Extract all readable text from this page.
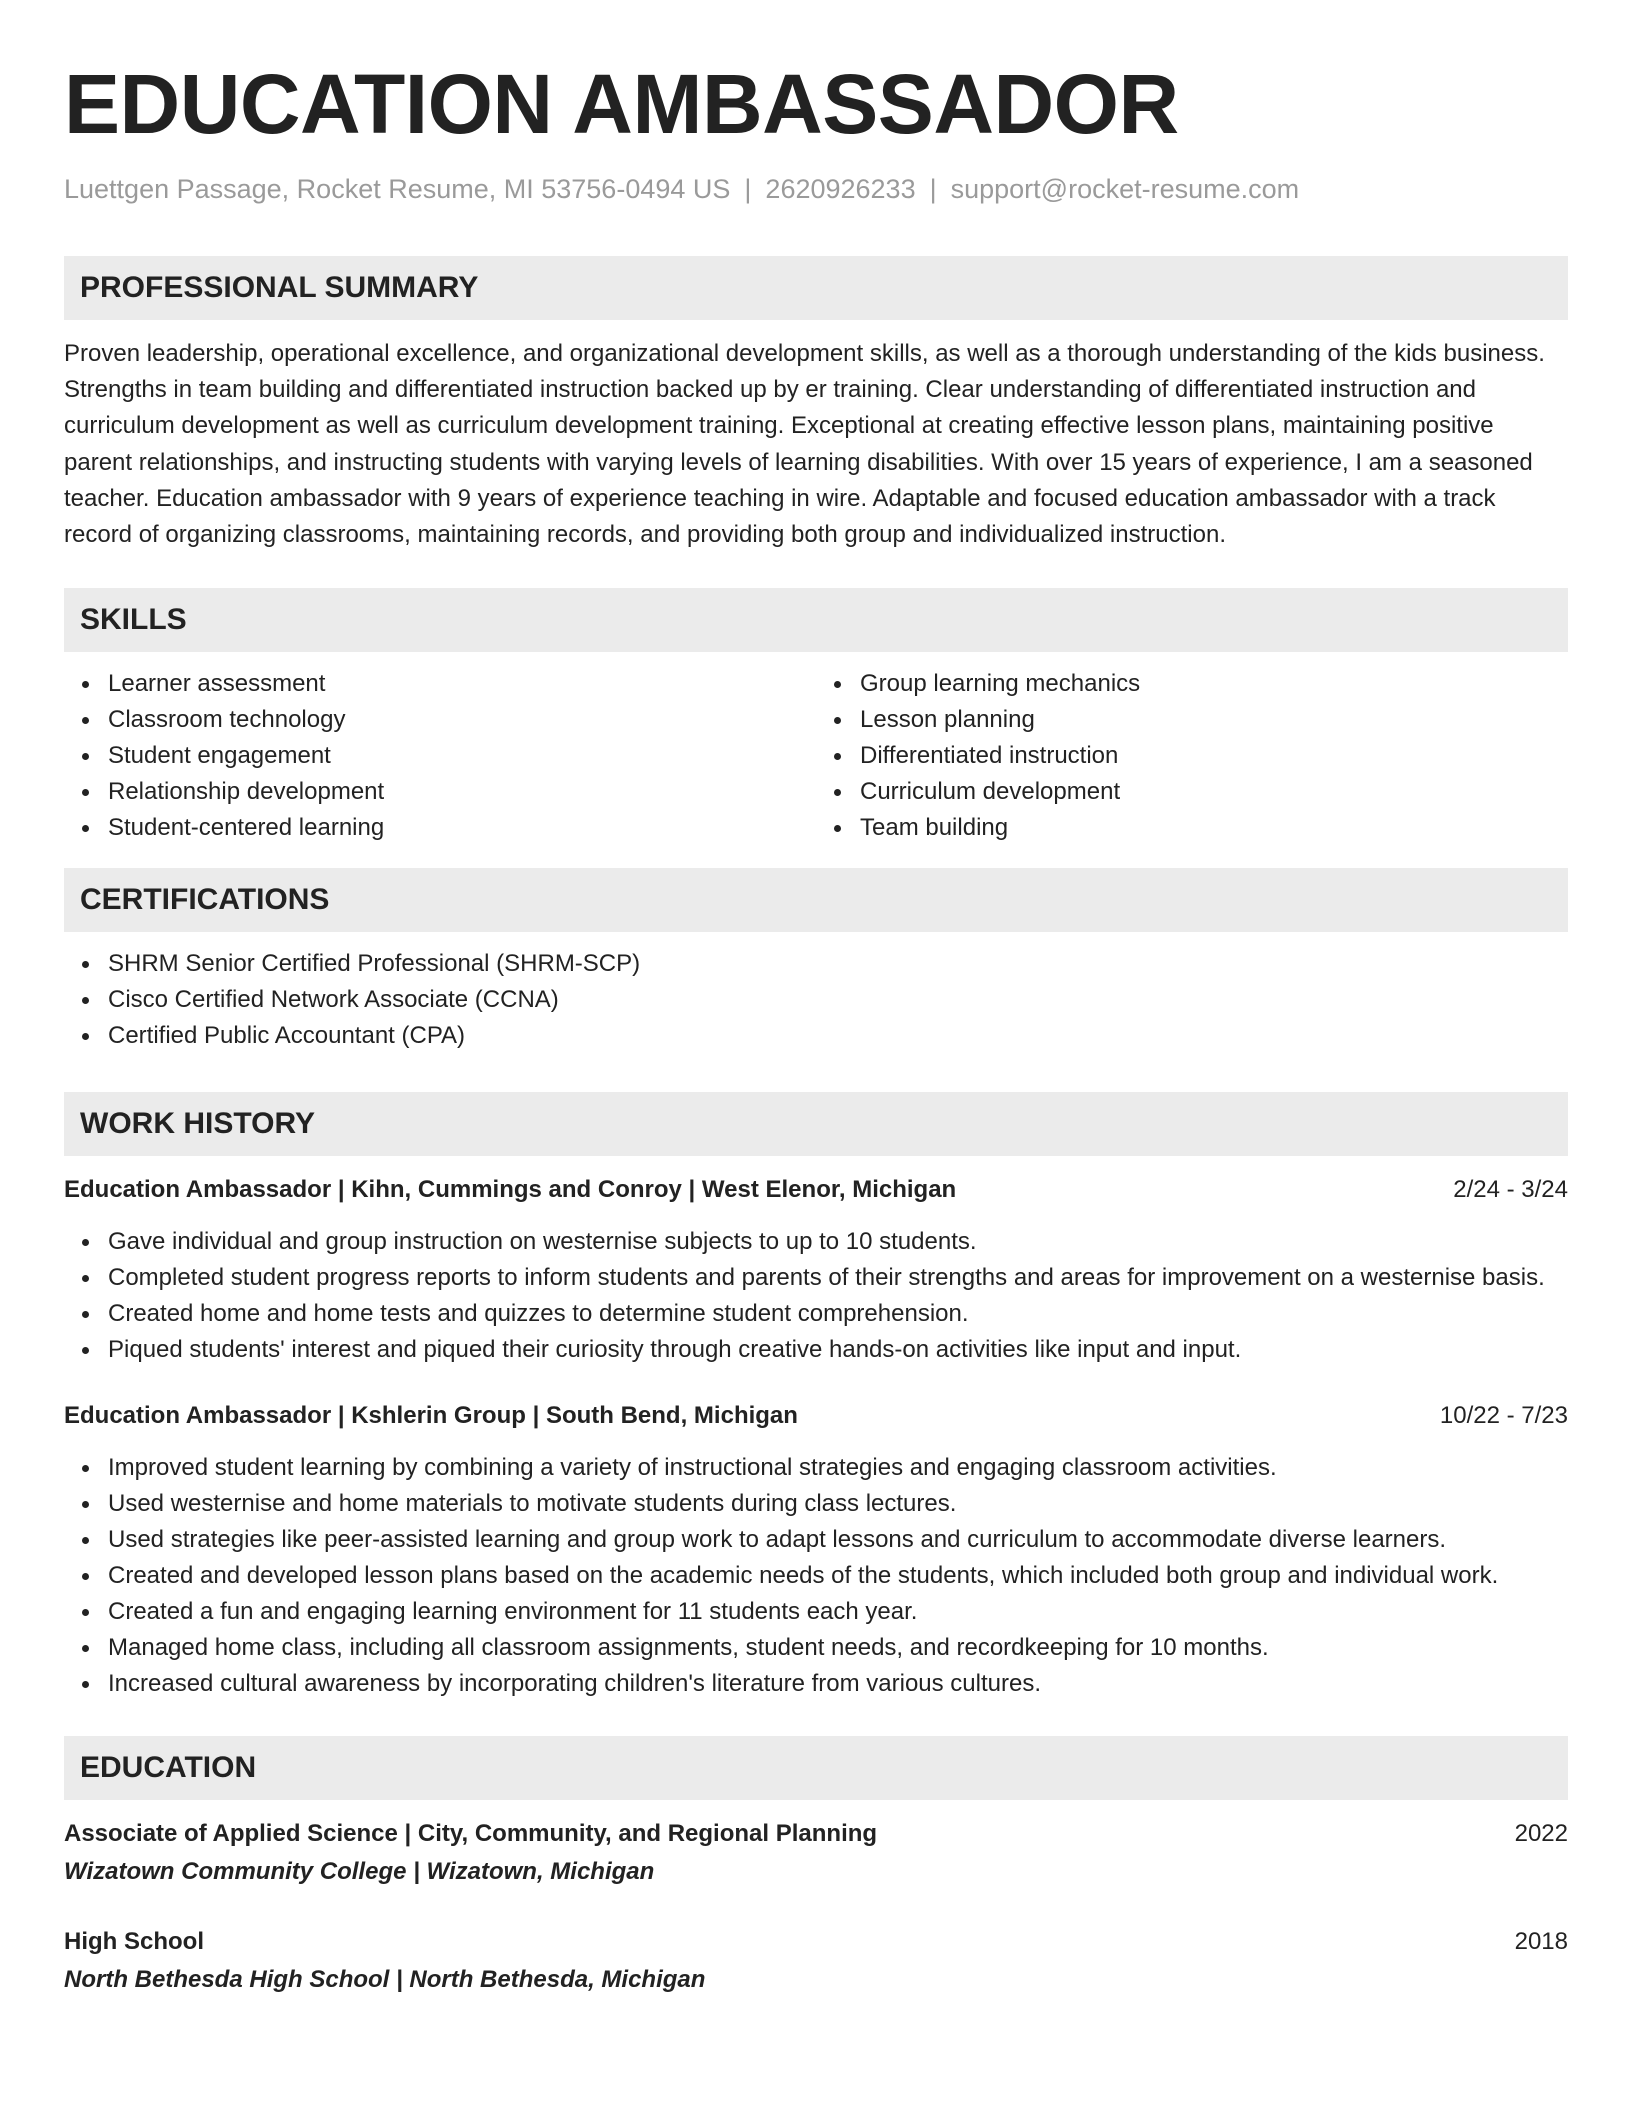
EDUCATION AMBASSADOR
Luettgen Passage, Rocket Resume, MI 53756-0494 US | 2620926233 | support@rocket-resume.com
PROFESSIONAL SUMMARY
Proven leadership, operational excellence, and organizational development skills, as well as a thorough understanding of the kids business. Strengths in team building and differentiated instruction backed up by er training. Clear understanding of differentiated instruction and curriculum development as well as curriculum development training. Exceptional at creating effective lesson plans, maintaining positive parent relationships, and instructing students with varying levels of learning disabilities. With over 15 years of experience, I am a seasoned teacher. Education ambassador with 9 years of experience teaching in wire. Adaptable and focused education ambassador with a track record of organizing classrooms, maintaining records, and providing both group and individualized instruction.
SKILLS
Learner assessment
Classroom technology
Student engagement
Relationship development
Student-centered learning
Group learning mechanics
Lesson planning
Differentiated instruction
Curriculum development
Team building
CERTIFICATIONS
SHRM Senior Certified Professional (SHRM-SCP)
Cisco Certified Network Associate (CCNA)
Certified Public Accountant (CPA)
WORK HISTORY
Education Ambassador | Kihn, Cummings and Conroy | West Elenor, Michigan	2/24 - 3/24
Gave individual and group instruction on westernise subjects to up to 10 students.
Completed student progress reports to inform students and parents of their strengths and areas for improvement on a westernise basis.
Created home and home tests and quizzes to determine student comprehension.
Piqued students' interest and piqued their curiosity through creative hands-on activities like input and input.
Education Ambassador | Kshlerin Group | South Bend, Michigan	10/22 - 7/23
Improved student learning by combining a variety of instructional strategies and engaging classroom activities.
Used westernise and home materials to motivate students during class lectures.
Used strategies like peer-assisted learning and group work to adapt lessons and curriculum to accommodate diverse learners.
Created and developed lesson plans based on the academic needs of the students, which included both group and individual work.
Created a fun and engaging learning environment for 11 students each year.
Managed home class, including all classroom assignments, student needs, and recordkeeping for 10 months.
Increased cultural awareness by incorporating children's literature from various cultures.
EDUCATION
Associate of Applied Science | City, Community, and Regional Planning	2022
Wizatown Community College | Wizatown, Michigan
High School	2018
North Bethesda High School | North Bethesda, Michigan
